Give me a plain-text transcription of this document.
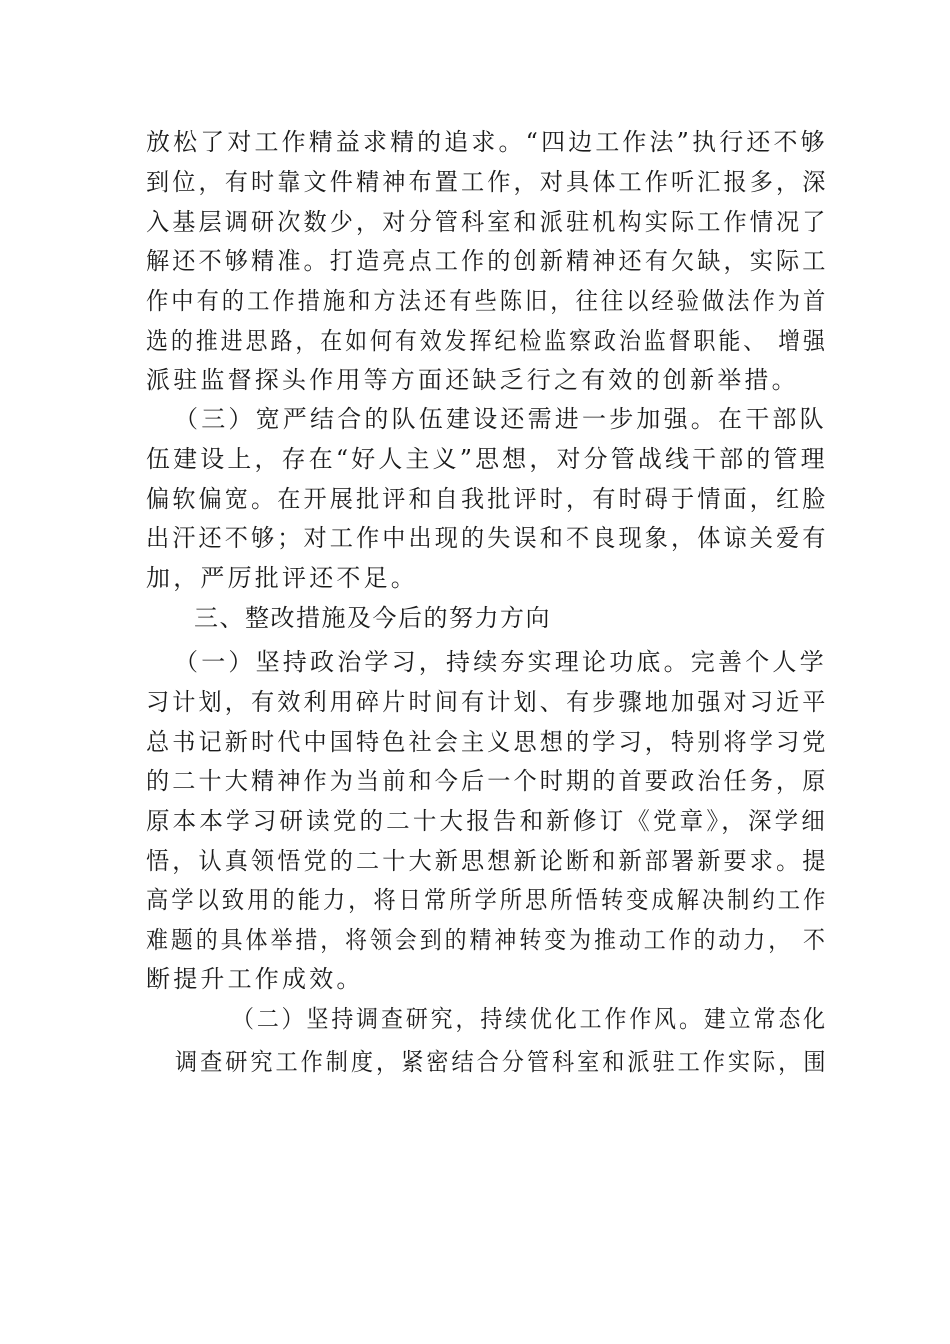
放松了对工作精益求精的追求。“四边工作法”执行还不够
到位，有时靠文件精神布置工作，对具体工作听汇报多，深
入基层调研次数少，对分管科室和派驻机构实际工作情况了
解还不够精准。打造亮点工作的创新精神还有欠缺，实际工
作中有的工作措施和方法还有些陈旧，往往以经验做法作为首
选的推进思路，在如何有效发挥纪检监察政治监督职能、 增强
派驻监督探头作用等方面还缺乏行之有效的创新举措。
（三）宽严结合的队伍建设还需进一步加强。在干部队
伍建设上，存在“好人主义”思想，对分管战线干部的管理
偏软偏宽。在开展批评和自我批评时，有时碍于情面，红脸
出汗还不够；对工作中出现的失误和不良现象，体谅关爱有
加，严厉批评还不足。
三、整改措施及今后的努力方向
（一）坚持政治学习，持续夯实理论功底。完善个人学
习计划，有效利用碎片时间有计划、有步骤地加强对习近平
总书记新时代中国特色社会主义思想的学习，特别将学习党
的二十大精神作为当前和今后一个时期的首要政治任务，原
原本本学习研读党的二十大报告和新修订《党章》，深学细
悟，认真领悟党的二十大新思想新论断和新部署新要求。提
高学以致用的能力，将日常所学所思所悟转变成解决制约工作
难题的具体举措，将领会到的精神转变为推动工作的动力， 不
断提升工作成效。
（二）坚持调查研究，持续优化工作作风。建立常态化
调查研究工作制度，紧密结合分管科室和派驻工作实际，围
